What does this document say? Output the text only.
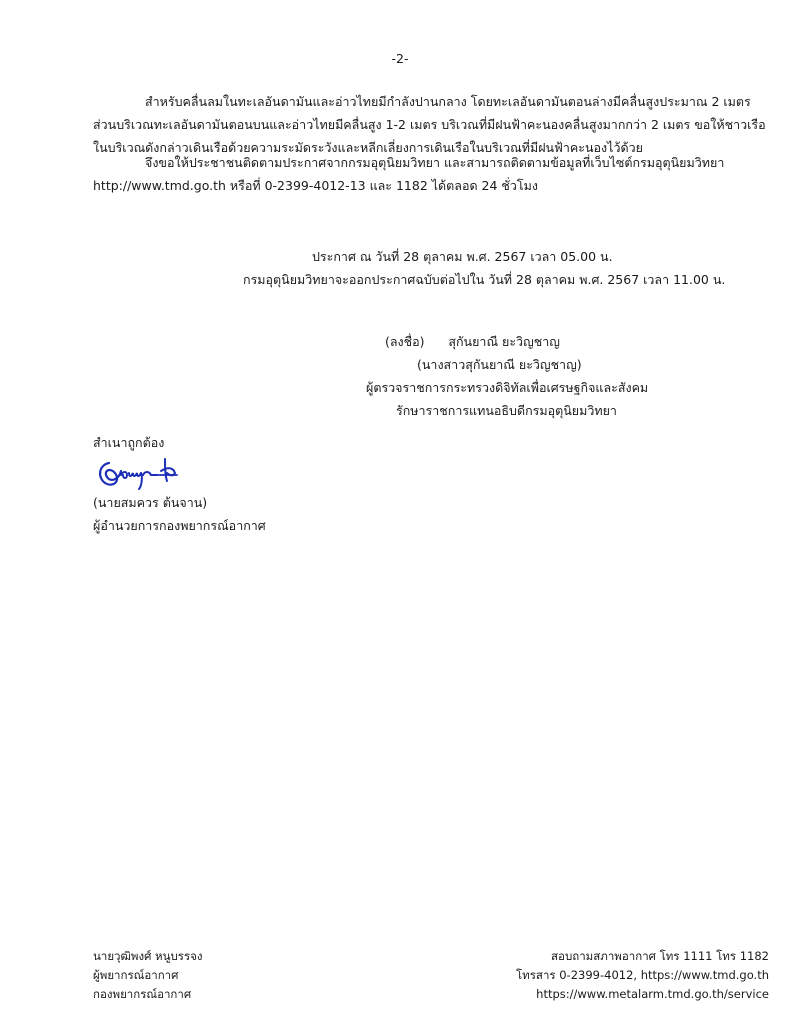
-2-
สำหรับคลื่นลมในทะเลอันดามันและอ่าวไทยมีกำลังปานกลาง โดยทะเลอันดามันตอนล่างมีคลื่นสูงประมาณ 2 เมตร
ส่วนบริเวณทะเลอันดามันตอนบนและอ่าวไทยมีคลื่นสูง 1-2 เมตร บริเวณที่มีฝนฟ้าคะนองคลื่นสูงมากกว่า 2 เมตร ขอให้ชาวเรือ
ในบริเวณดังกล่าวเดินเรือด้วยความระมัดระวังและหลีกเลี่ยงการเดินเรือในบริเวณที่มีฝนฟ้าคะนองไว้ด้วย
จึงขอให้ประชาชนติดตามประกาศจากกรมอุตุนิยมวิทยา และสามารถติดตามข้อมูลที่เว็บไซต์กรมอุตุนิยมวิทยา
http://www.tmd.go.th หรือที่ 0-2399-4012-13 และ 1182 ได้ตลอด 24 ชั่วโมง
ประกาศ ณ วันที่ 28 ตุลาคม พ.ศ. 2567 เวลา 05.00 น.
กรมอุตุนิยมวิทยาจะออกประกาศฉบับต่อไปใน วันที่ 28 ตุลาคม พ.ศ. 2567 เวลา 11.00 น.
(ลงชื่อ) สุกันยาณี ยะวิญชาญ
(นางสาวสุกันยาณี ยะวิญชาญ)
ผู้ตรวจราชการกระทรวงดิจิทัลเพื่อเศรษฐกิจและสังคม
รักษาราชการแทนอธิบดีกรมอุตุนิยมวิทยา
สำเนาถูกต้อง
(นายสมควร ต้นจาน)
ผู้อำนวยการกองพยากรณ์อากาศ
นายวุฒิพงศ์ หนูบรรจง
ผู้พยากรณ์อากาศ
กองพยากรณ์อากาศ
สอบถามสภาพอากาศ โทร 1111 โทร 1182
โทรสาร 0-2399-4012, https://www.tmd.go.th
https://www.metalarm.tmd.go.th/service
